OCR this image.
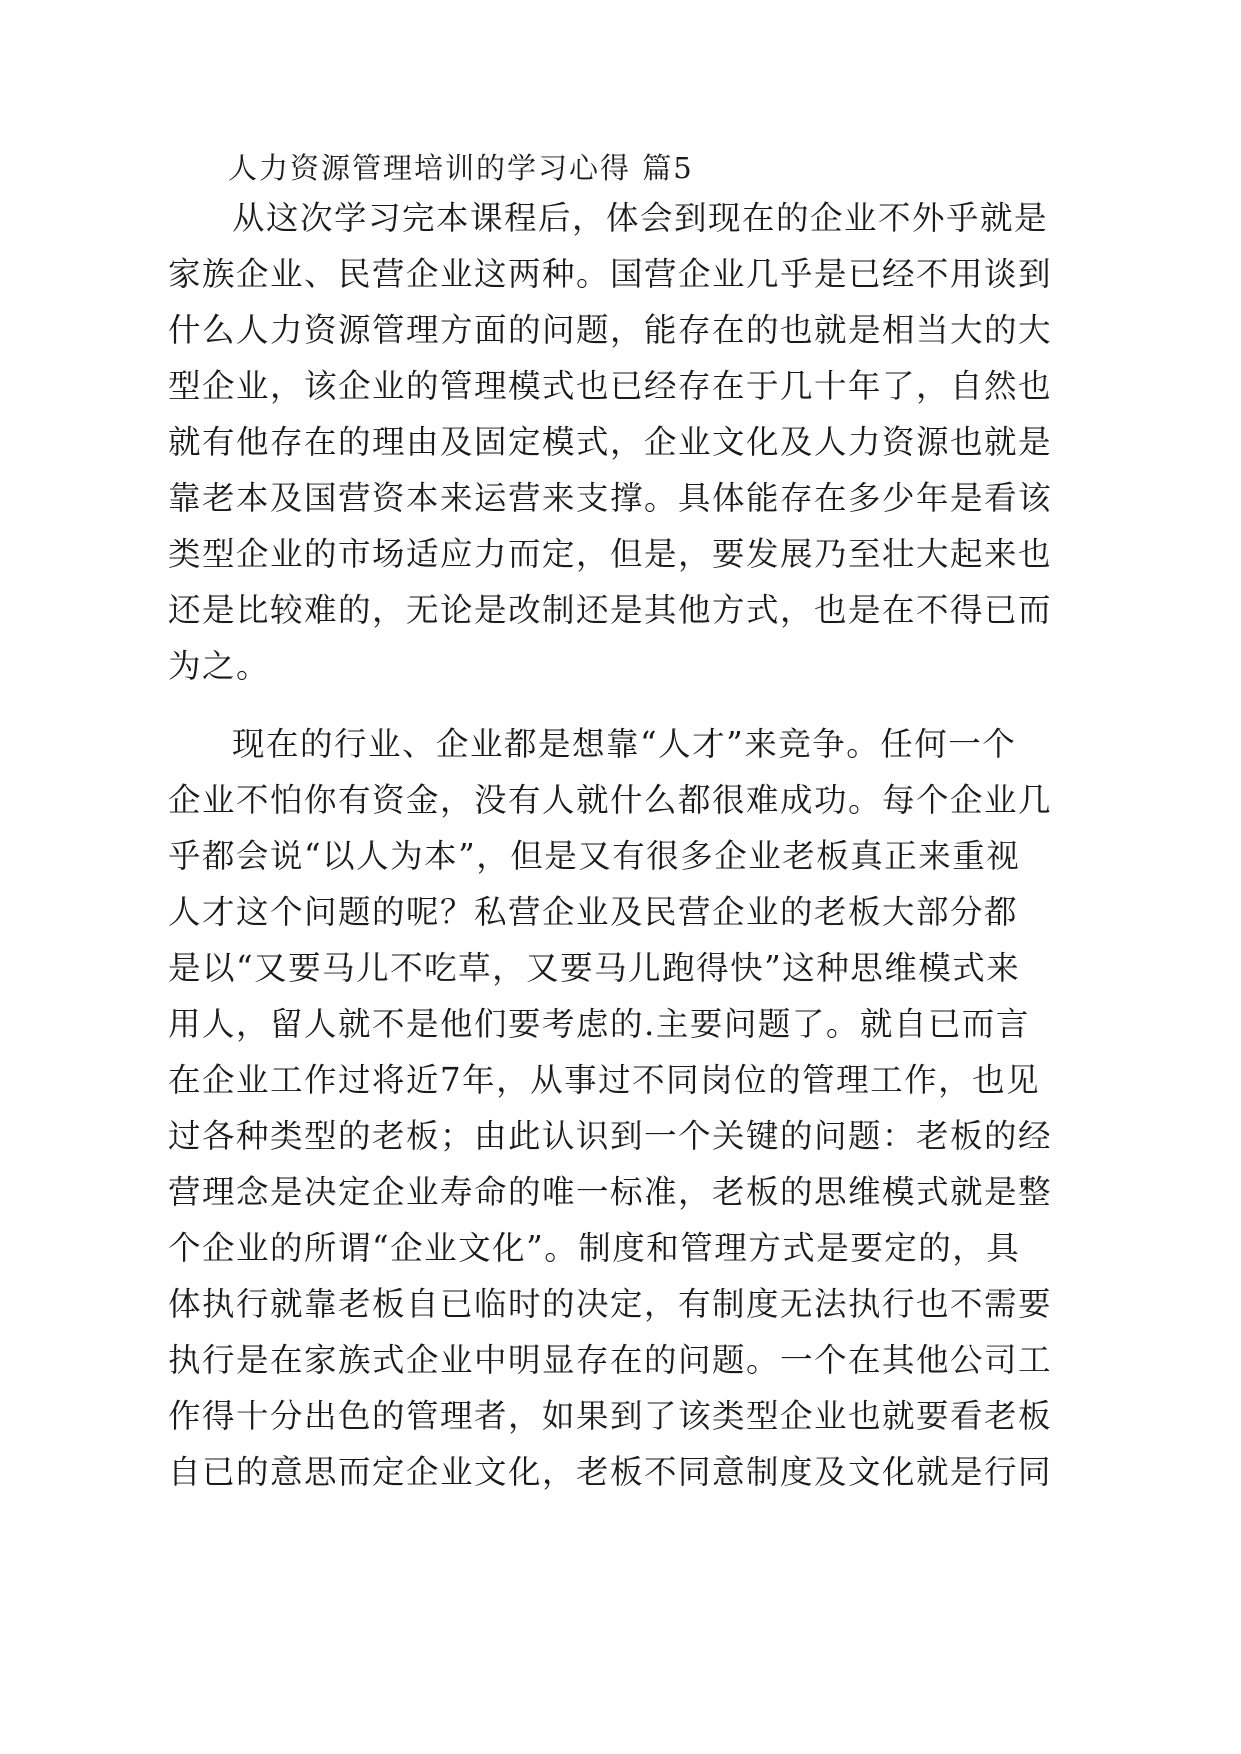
人力资源管理培训的学习心得 篇5
从这次学习完本课程后，体会到现在的企业不外乎就是
家族企业、民营企业这两种。国营企业几乎是已经不用谈到
什么人力资源管理方面的问题，能存在的也就是相当大的大
型企业，该企业的管理模式也已经存在于几十年了，自然也
就有他存在的理由及固定模式，企业文化及人力资源也就是
靠老本及国营资本来运营来支撑。具体能存在多少年是看该
类型企业的市场适应力而定，但是，要发展乃至壮大起来也
还是比较难的，无论是改制还是其他方式，也是在不得已而
为之。
现在的行业、企业都是想靠“人才”来竞争。任何一个
企业不怕你有资金，没有人就什么都很难成功。每个企业几
乎都会说“以人为本”，但是又有很多企业老板真正来重视
人才这个问题的呢？私营企业及民营企业的老板大部分都
是以“又要马儿不吃草，又要马儿跑得快”这种思维模式来
用人，留人就不是他们要考虑的.主要问题了。就自已而言
在企业工作过将近7年，从事过不同岗位的管理工作，也见
过各种类型的老板；由此认识到一个关键的问题：老板的经
营理念是决定企业寿命的唯一标准，老板的思维模式就是整
个企业的所谓“企业文化”。制度和管理方式是要定的，具
体执行就靠老板自已临时的决定，有制度无法执行也不需要
执行是在家族式企业中明显存在的问题。一个在其他公司工
作得十分出色的管理者，如果到了该类型企业也就要看老板
自已的意思而定企业文化，老板不同意制度及文化就是行同
